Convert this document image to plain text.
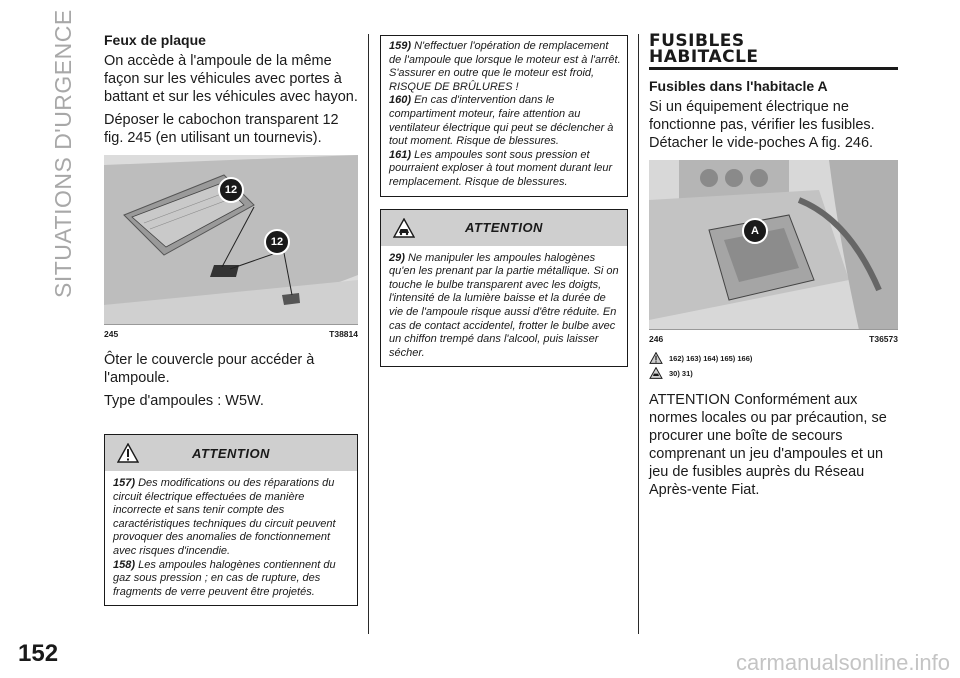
SITUATIONS D'URGENCE
152	carmanualsonline.info
Feux de plaque

On accède à l'ampoule de la même façon sur les véhicules avec portes à battant et sur les véhicules avec hayon.

Déposer le cabochon transparent 12 fig. 245 (en utilisant un tournevis).

12
12
245	T38814

Ôter le couvercle pour accéder à l'ampoule.

Type d'ampoules : W5W.

ATTENTION
157) Des modifications ou des réparations du circuit électrique effectuées de manière incorrecte et sans tenir compte des caractéristiques techniques du circuit peuvent provoquer des anomalies de fonctionnement avec risques d'incendie.
158) Les ampoules halogènes contiennent du gaz sous pression ; en cas de rupture, des fragments de verre peuvent être projetés.
159) N'effectuer l'opération de remplacement de l'ampoule que lorsque le moteur est à l'arrêt. S'assurer en outre que le moteur est froid, RISQUE DE BRÛLURES !
160) En cas d'intervention dans le compartiment moteur, faire attention au ventilateur électrique qui peut se déclencher à tout moment. Risque de blessures.
161) Les ampoules sont sous pression et pourraient exploser à tout moment durant leur remplacement. Risque de blessures.
ATTENTION
29) Ne manipuler les ampoules halogènes qu'en les prenant par la partie métallique. Si on touche le bulbe transparent avec les doigts, l'intensité de la lumière baisse et la durée de vie de l'ampoule risque aussi d'être réduite. En cas de contact accidentel, frotter le bulbe avec un chiffon trempé dans l'alcool, puis laisser sécher.
FUSIBLES
HABITACLE
Fusibles dans l'habitacle A

Si un équipement électrique ne fonctionne pas, vérifier les fusibles. Détacher le vide-poches A fig. 246.

A
246	T36573
162) 163) 164) 165) 166)
30) 31)

ATTENTION Conformément aux normes locales ou par précaution, se procurer une boîte de secours comprenant un jeu d'ampoules et un jeu de fusibles auprès du Réseau Après-vente Fiat.
